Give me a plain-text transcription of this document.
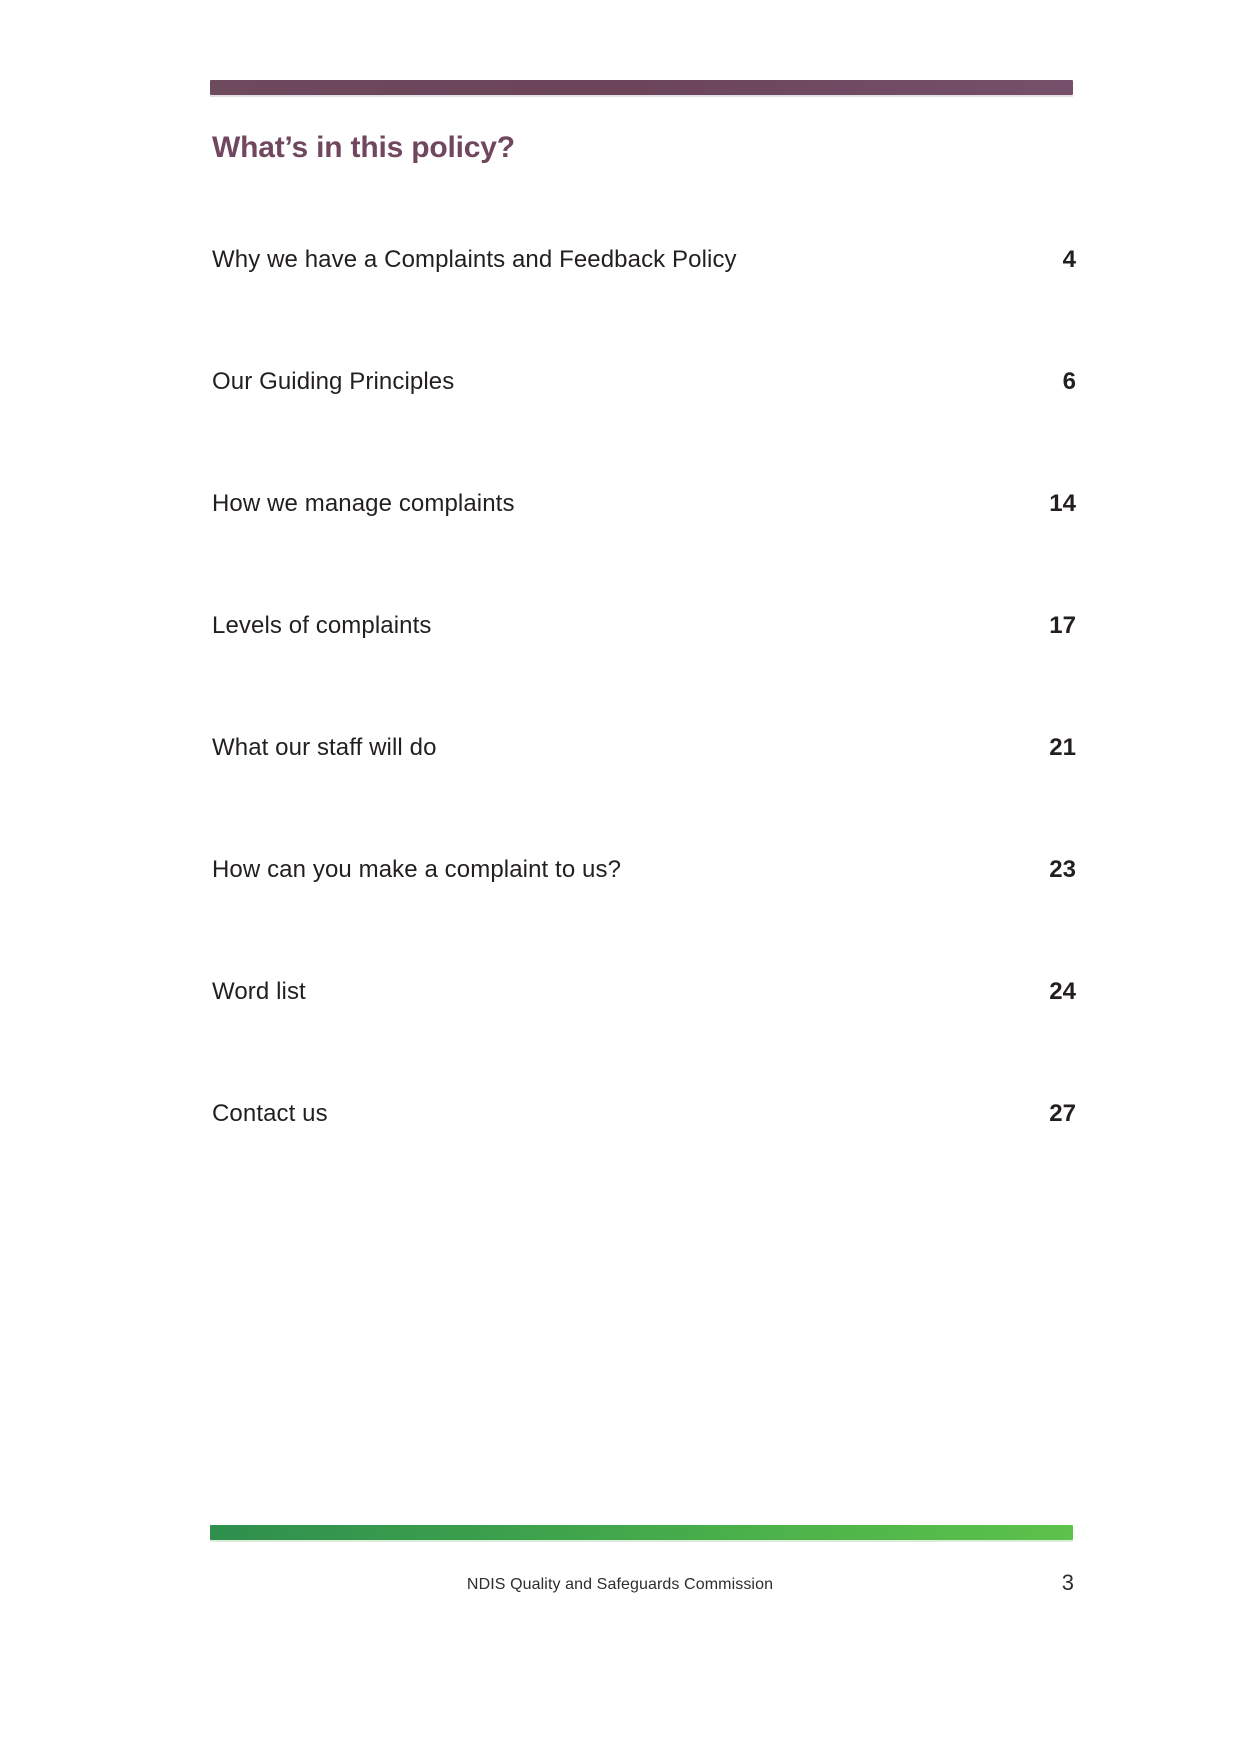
What’s in this policy?
Why we have a Complaints and Feedback Policy	4
Our Guiding Principles	6
How we manage complaints	14
Levels of complaints	17
What our staff will do	21
How can you make a complaint to us?	23
Word list	24
Contact us	27
NDIS Quality and Safeguards Commission	3
